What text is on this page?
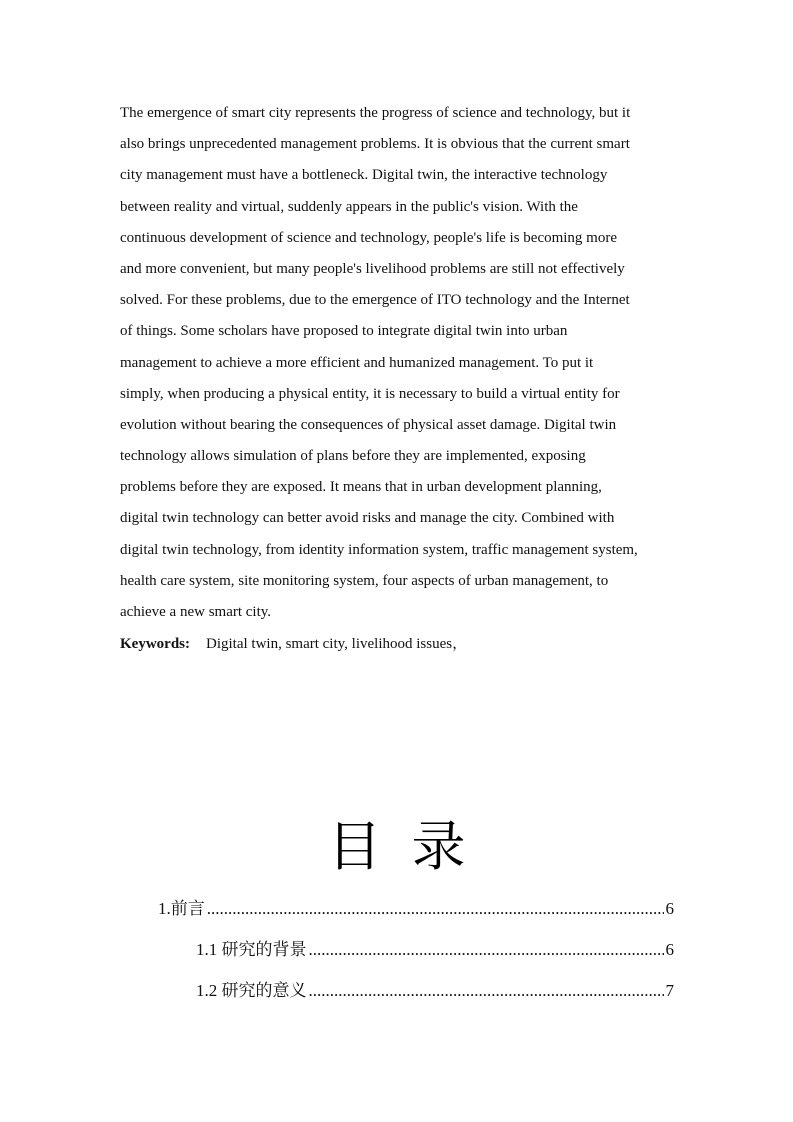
The emergence of smart city represents the progress of science and technology, but it
also brings unprecedented management problems. It is obvious that the current smart
city management must have a bottleneck. Digital twin, the interactive technology
between reality and virtual, suddenly appears in the public's vision. With the
continuous development of science and technology, people's life is becoming more
and more convenient, but many people's livelihood problems are still not effectively
solved. For these problems, due to the emergence of ITO technology and the Internet
of things. Some scholars have proposed to integrate digital twin into urban
management to achieve a more efficient and humanized management. To put it
simply, when producing a physical entity, it is necessary to build a virtual entity for
evolution without bearing the consequences of physical asset damage. Digital twin
technology allows simulation of plans before they are implemented, exposing
problems before they are exposed. It means that in urban development planning,
digital twin technology can better avoid risks and manage the city. Combined with
digital twin technology, from identity information system, traffic management system,
health care system, site monitoring system, four aspects of urban management, to
achieve a new smart city.
Keywords: Digital twin, smart city, livelihood issues，
目录
1.前言 .....	6
1.1 研究的背景 .....	6
1.2 研究的意义 .....	7
